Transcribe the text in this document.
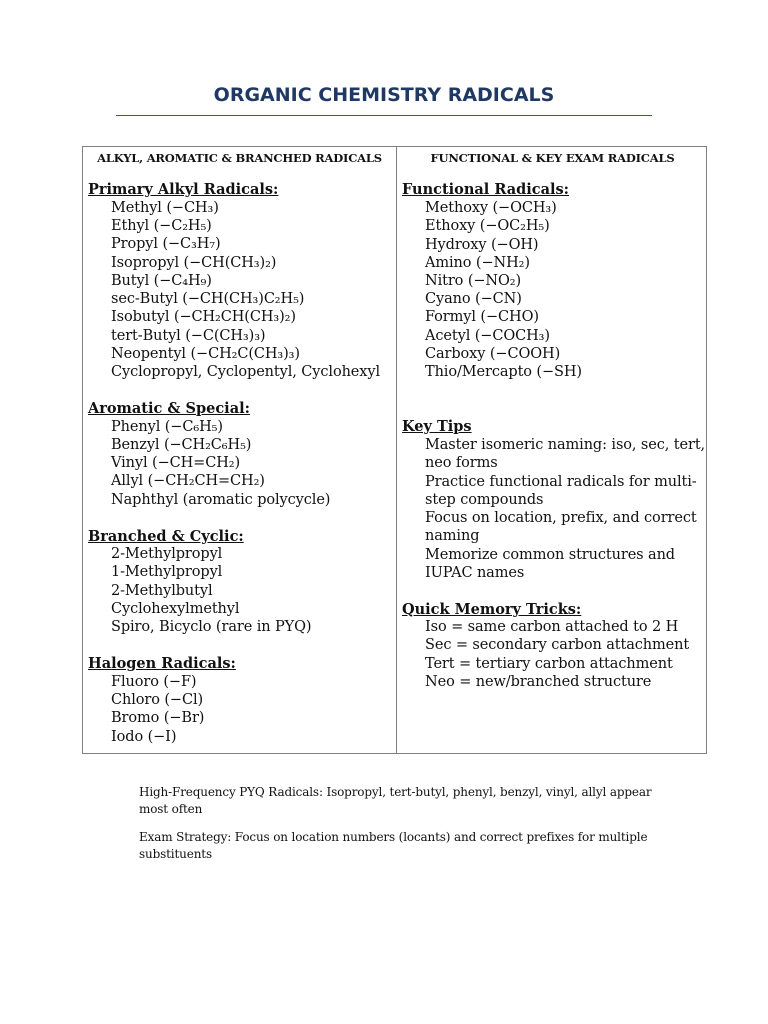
ORGANIC CHEMISTRY RADICALS
ALKYL, AROMATIC & BRANCHED RADICALS
Primary Alkyl Radicals:
Methyl (−CH₃)
Ethyl (−C₂H₅)
Propyl (−C₃H₇)
Isopropyl (−CH(CH₃)₂)
Butyl (−C₄H₉)
sec-Butyl (−CH(CH₃)C₂H₅)
Isobutyl (−CH₂CH(CH₃)₂)
tert-Butyl (−C(CH₃)₃)
Neopentyl (−CH₂C(CH₃)₃)
Cyclopropyl, Cyclopentyl, Cyclohexyl
Aromatic & Special:
Phenyl (−C₆H₅)
Benzyl (−CH₂C₆H₅)
Vinyl (−CH=CH₂)
Allyl (−CH₂CH=CH₂)
Naphthyl (aromatic polycycle)
Branched & Cyclic:
2-Methylpropyl
1-Methylpropyl
2-Methylbutyl
Cyclohexylmethyl
Spiro, Bicyclo (rare in PYQ)
Halogen Radicals:
Fluoro (−F)
Chloro (−Cl)
Bromo (−Br)
Iodo (−I)
FUNCTIONAL & KEY EXAM RADICALS
Functional Radicals:
Methoxy (−OCH₃)
Ethoxy (−OC₂H₅)
Hydroxy (−OH)
Amino (−NH₂)
Nitro (−NO₂)
Cyano (−CN)
Formyl (−CHO)
Acetyl (−COCH₃)
Carboxy (−COOH)
Thio/Mercapto (−SH)
Key Tips
Master isomeric naming: iso, sec, tert, neo forms
Practice functional radicals for multi-step compounds
Focus on location, prefix, and correct naming
Memorize common structures and IUPAC names
Quick Memory Tricks:
Iso = same carbon attached to 2 H
Sec = secondary carbon attachment
Tert = tertiary carbon attachment
Neo = new/branched structure
High-Frequency PYQ Radicals: Isopropyl, tert-butyl, phenyl, benzyl, vinyl, allyl appear most often
Exam Strategy: Focus on location numbers (locants) and correct prefixes for multiple substituents
